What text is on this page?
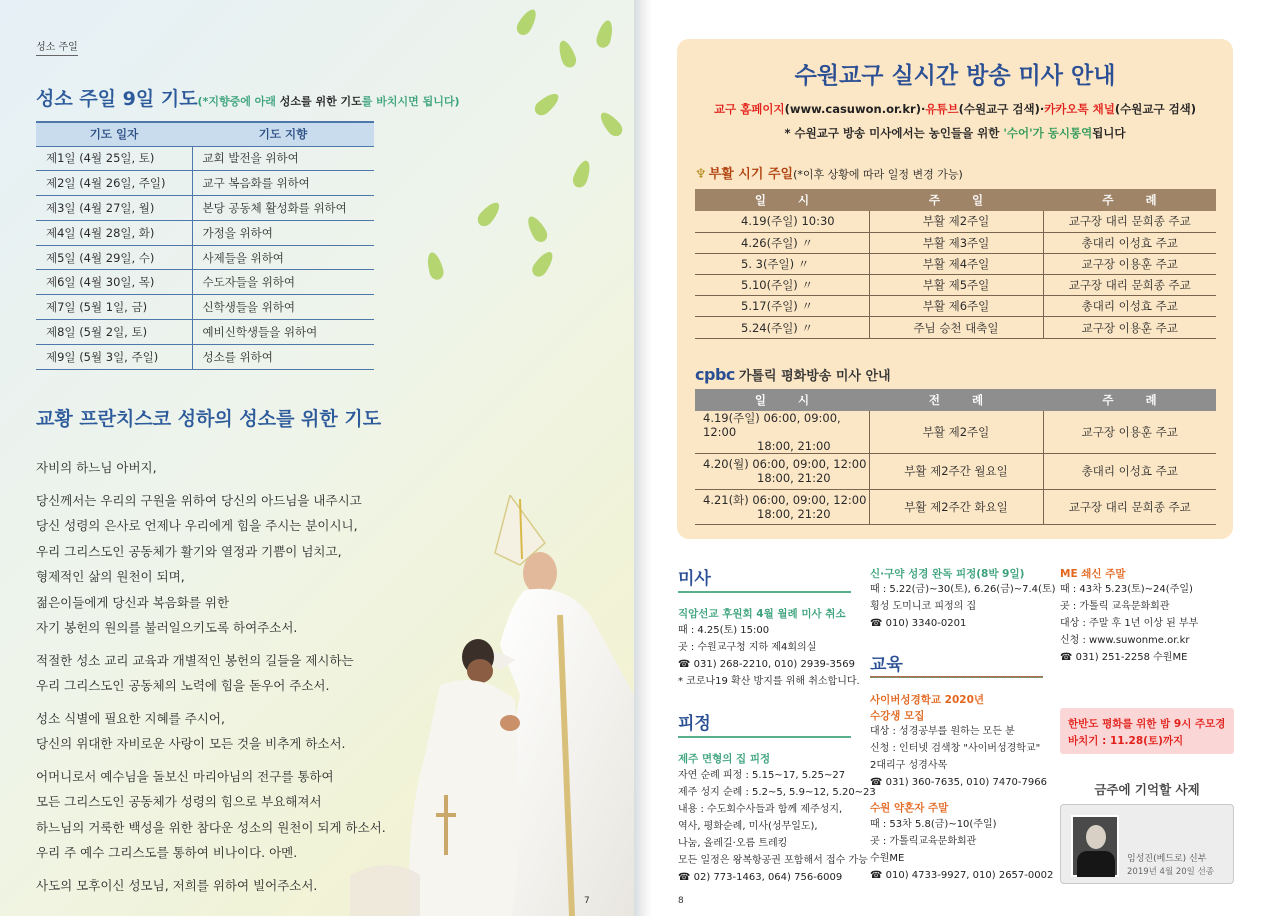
성소 주일
성소 주일 9일 기도(*지향중에 아래 성소를 위한 기도를 바치시면 됩니다)
기도 일자	기도 지향
제1일 (4월 25일, 토)	교회 발전을 위하여
제2일 (4월 26일, 주일)	교구 복음화를 위하여
제3일 (4월 27일, 월)	본당 공동체 활성화를 위하여
제4일 (4월 28일, 화)	가정을 위하여
제5일 (4월 29일, 수)	사제들을 위하여
제6일 (4월 30일, 목)	수도자들을 위하여
제7일 (5월 1일, 금)	신학생들을 위하여
제8일 (5월 2일, 토)	예비신학생들을 위하여
제9일 (5월 3일, 주일)	성소를 위하여
교황 프란치스코 성하의 성소를 위한 기도

자비의 하느님 아버지,

당신께서는 우리의 구원을 위하여 당신의 아드님을 내주시고
당신 성령의 은사로 언제나 우리에게 힘을 주시는 분이시니,
우리 그리스도인 공동체가 활기와 열정과 기쁨이 넘치고,
형제적인 삶의 원천이 되며,
젊은이들에게 당신과 복음화를 위한
자기 봉헌의 원의를 불러일으키도록 하여주소서.

적절한 성소 교리 교육과 개별적인 봉헌의 길들을 제시하는
우리 그리스도인 공동체의 노력에 힘을 돋우어 주소서.

성소 식별에 필요한 지혜를 주시어,
당신의 위대한 자비로운 사랑이 모든 것을 비추게 하소서.

어머니로서 예수님을 돌보신 마리아님의 전구를 통하여
모든 그리스도인 공동체가 성령의 힘으로 부요해져서
하느님의 거룩한 백성을 위한 참다운 성소의 원천이 되게 하소서.
우리 주 예수 그리스도를 통하여 비나이다. 아멘.

사도의 모후이신 성모님, 저희를 위하여 빌어주소서.

7
수원교구 실시간 방송 미사 안내
교구 홈페이지(www.casuwon.or.kr)·유튜브(수원교구 검색)·카카오톡 채널(수원교구 검색)
* 수원교구 방송 미사에서는 농인들을 위한 '수어'가 동시통역됩니다
♆ 부활 시기 주일(*이후 상황에 따라 일정 변경 가능)
일 시	주 일	주 례
4.19(주일) 10:30	부활 제2주일	교구장 대리 문희종 주교
4.26(주일) 〃	부활 제3주일	총대리 이성효 주교
5. 3(주일) 〃	부활 제4주일	교구장 이용훈 주교
5.10(주일) 〃	부활 제5주일	교구장 대리 문희종 주교
5.17(주일) 〃	부활 제6주일	총대리 이성효 주교
5.24(주일) 〃	주님 승천 대축일	교구장 이용훈 주교
cpbc 가톨릭 평화방송 미사 안내
일 시	전 례	주 례

4.19(주일) 06:00, 09:00, 12:00
18:00, 21:00	부활 제2주일	교구장 이용훈 주교

4.20(월) 06:00, 09:00, 12:00
18:00, 21:20	부활 제2주간 월요일	총대리 이성효 주교

4.21(화) 06:00, 09:00, 12:00
18:00, 21:20	부활 제2주간 화요일	교구장 대리 문희종 주교
미사
직암선교 후원회 4월 월례 미사 취소
때 : 4.25(토) 15:00
곳 : 수원교구청 지하 제4회의실
☎ 031) 268-2210, 010) 2939-3569
* 코로나19 확산 방지를 위해 취소합니다.
피정
제주 면형의 집 피정
자연 순례 피정 : 5.15~17, 5.25~27
제주 성지 순례 : 5.2~5, 5.9~12, 5.20~23
내용 : 수도회수사들과 함께 제주성지,
역사, 평화순례, 미사(성무일도),
나눔, 올레길·오름 트레킹
모든 일정은 왕복항공권 포함해서 접수 가능
☎ 02) 773-1463, 064) 756-6009
신·구약 성경 완독 피정(8박 9일)
때 : 5.22(금)~30(토), 6.26(금)~7.4(토)
횡성 도미니코 피정의 집
☎ 010) 3340-0201
교육
사이버성경학교 2020년
수강생 모집
대상 : 성경공부를 원하는 모든 분
신청 : 인터넷 검색창 "사이버성경학교"
2대리구 성경사목
☎ 031) 360-7635, 010) 7470-7966
수원 약혼자 주말
때 : 53차 5.8(금)~10(주일)
곳 : 가톨릭교육문화회관
수원ME
☎ 010) 4733-9927, 010) 2657-0002
ME 쇄신 주말
때 : 43차 5.23(토)~24(주일)
곳 : 가톨릭 교육문화회관
대상 : 주말 후 1년 이상 된 부부
신청 : www.suwonme.or.kr
☎ 031) 251-2258 수원ME
한반도 평화를 위한 밤 9시 주모경
바치기 : 11.28(토)까지
금주에 기억할 사제
임성진(베드로) 신부
2019년 4월 20일 선종
8
